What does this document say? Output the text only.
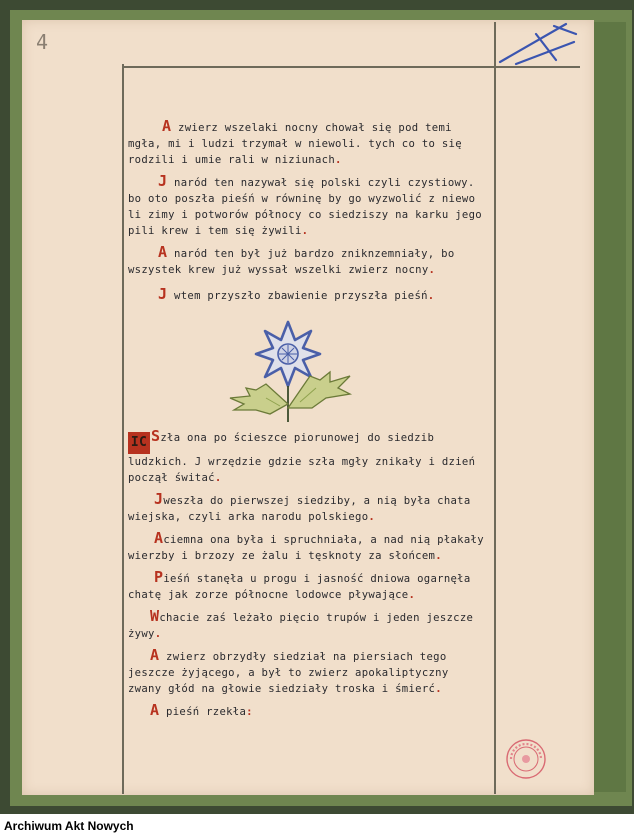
4

A zwierz wszelaki nocny chował się pod temi mgła, mi i ludzi trzymał w niewoli. tych co to się rodzili i umie rali w niziunach.

J naród ten nazywał się polski czyli czystiowy. bo oto poszła pieśń w równinę by go wyzwolić z niewo li zimy i potworów północy co siedziszy na karku jego pili krew i tem się żywili.

A naród ten był już bardzo zniknzemniały, bo wszystek krew już wyssał wszelki zwierz nocny.

J wtem przyszło zbawienie przyszła pieśń.

IC Szła ona po ścieszce piorunowej do siedzib ludzkich. J wrzędzie gdzie szła mgły znikały i dzień począł świtać.

Jweszła do pierwszej siedziby, a nią była chata wiejska, czyli arka narodu polskiego.

Aciemna ona była i spruchniała, a nad nią płakały wierzby i brzozy ze żalu i tęsknoty za słońcem.

Pieśń stanęła u progu i jasność dniowa ogarnęła chatę jak zorze północne lodowce pływające.

Wchacie zaś leżało pięcio trupów i jeden jeszcze żywy.

A zwierz obrzydły siedział na piersiach tego jeszcze żyjącego, a był to zwierz apokaliptyczny zwany głód na głowie siedziały troska i śmierć.

A pieśń rzekła:

Archiwum Akt Nowych
